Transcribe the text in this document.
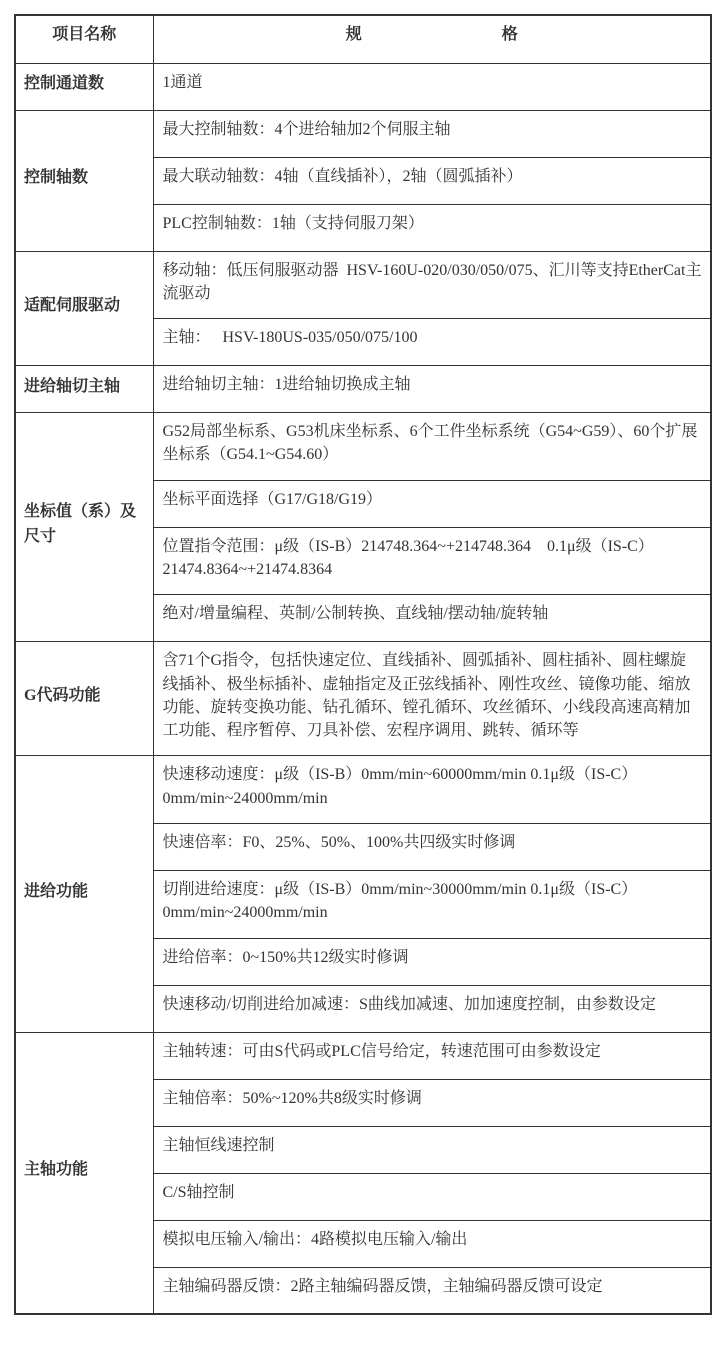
项目名称	规 格

控制通道数	1通道
控制轴数	最大控制轴数：4个进给轴加2个伺服主轴
	最大联动轴数：4轴（直线插补），2轴（圆弧插补）
	PLC控制轴数：1轴（支持伺服刀架）
适配伺服驱动	移动轴：低压伺服驱动器  HSV-160U-020/030/050/075、汇川等支持EtherCat主流驱动
	主轴：   HSV-180US-035/050/075/100
进给轴切主轴	进给轴切主轴：1进给轴切换成主轴
坐标值（系）及尺寸	G52局部坐标系、G53机床坐标系、6个工件坐标系统（G54~G59）、60个扩展坐标系（G54.1~G54.60）
	坐标平面选择（G17/G18/G19）
	位置指令范围：μ级（IS-B）214748.364~+214748.364    0.1μ级（IS-C）21474.8364~+21474.8364
	绝对/增量编程、英制/公制转换、直线轴/摆动轴/旋转轴
G代码功能	含71个G指令，包括快速定位、直线插补、圆弧插补、圆柱插补、圆柱螺旋线插补、极坐标插补、虚轴指定及正弦线插补、刚性攻丝、镜像功能、缩放功能、旋转变换功能、钻孔循环、镗孔循环、攻丝循环、小线段高速高精加工功能、程序暂停、刀具补偿、宏程序调用、跳转、循环等
进给功能	快速移动速度：μ级（IS-B）0mm/min~60000mm/min 0.1μ级（IS-C）0mm/min~24000mm/min
	快速倍率：F0、25%、50%、100%共四级实时修调
	切削进给速度：μ级（IS-B）0mm/min~30000mm/min 0.1μ级（IS-C）0mm/min~24000mm/min
	进给倍率：0~150%共12级实时修调
	快速移动/切削进给加减速：S曲线加减速、加加速度控制，由参数设定
主轴功能	主轴转速：可由S代码或PLC信号给定，转速范围可由参数设定
	主轴倍率：50%~120%共8级实时修调
	主轴恒线速控制
	C/S轴控制
	模拟电压输入/输出：4路模拟电压输入/输出
	主轴编码器反馈：2路主轴编码器反馈，主轴编码器反馈可设定
